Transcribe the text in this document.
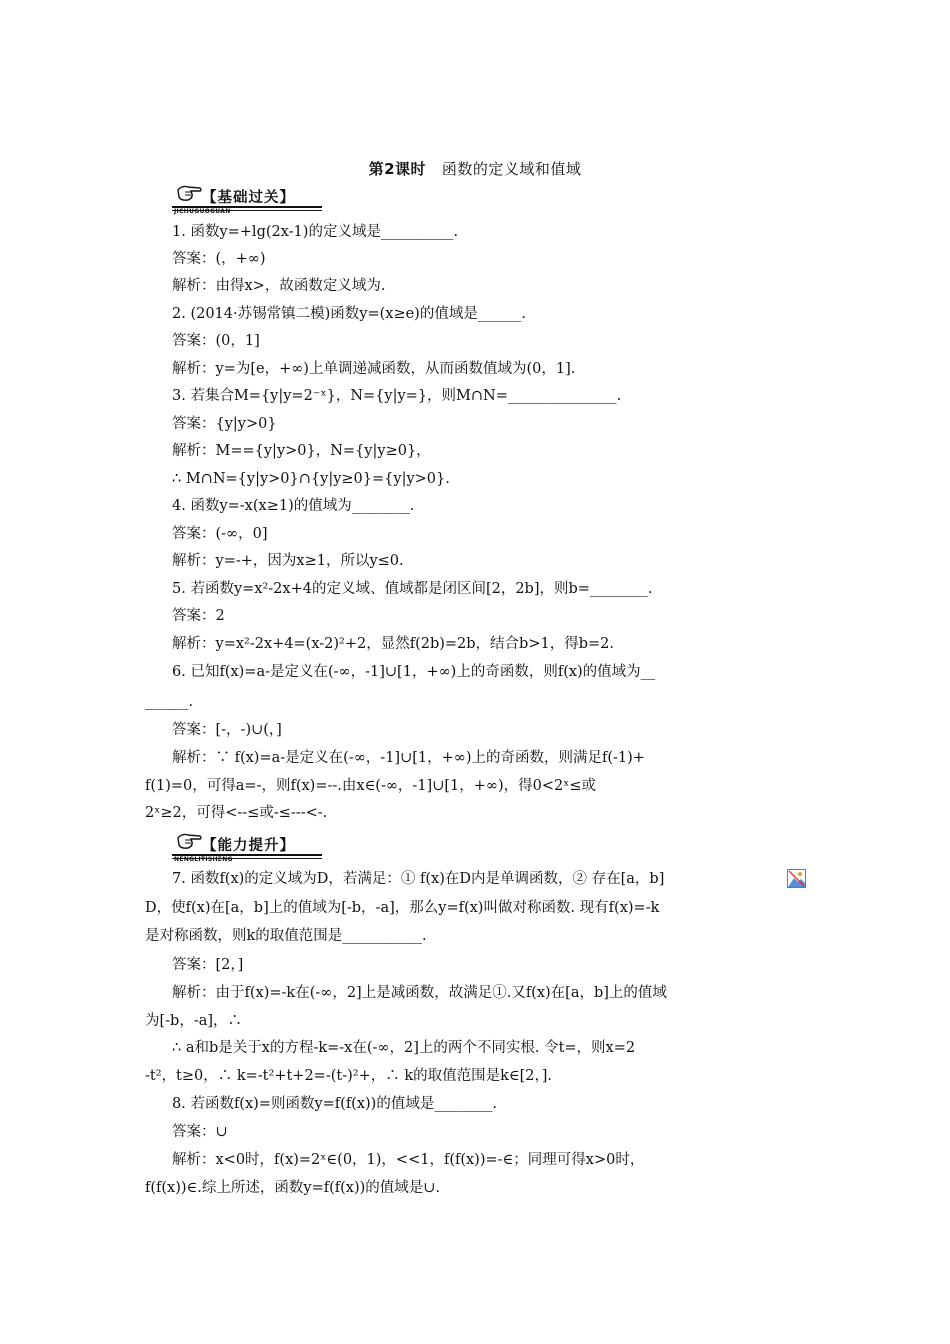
第2课时 函数的定义域和值域
【基础过关】
JICHUGUOGUAN
1. 函数y=+lg(2x-1)的定义域是__________.
答案：(，+∞)
解析：由得x>，故函数定义域为.
2. (2014·苏锡常镇二模)函数y=(x≥e)的值域是______.
答案：(0，1]
解析：y=为[e，+∞)上单调递减函数，从而函数值域为(0，1].
3. 若集合M={y|y=2⁻ˣ}，N={y|y=}，则M∩N=_______________.
答案：{y|y>0}
解析：M=={y|y>0}，N={y|y≥0}，
∴ M∩N={y|y>0}∩{y|y≥0}={y|y>0}.
4. 函数y=-x(x≥1)的值域为________.
答案：(-∞，0]
解析：y=-+，因为x≥1，所以y≤0.
5. 若函数y=x²-2x+4的定义域、值域都是闭区间[2，2b]，则b=________.
答案：2
解析：y=x²-2x+4=(x-2)²+2，显然f(2b)=2b，结合b>1，得b=2.
6. 已知f(x)=a-是定义在(-∞，-1]∪[1，+∞)上的奇函数，则f(x)的值域为__
______.
答案：[-，-)∪(，]
解析：∵ f(x)=a-是定义在(-∞，-1]∪[1，+∞)上的奇函数，则满足f(-1)+
f(1)=0，可得a=-，则f(x)=--.由x∈(-∞，-1]∪[1，+∞)，得0<2ˣ≤或
2ˣ≥2，可得<--≤或-≤---<-.
【能力提升】
NENGLITISHENG
7. 函数f(x)的定义域为D，若满足：① f(x)在D内是单调函数，② 存在[a，b]
D，使f(x)在[a，b]上的值域为[-b，-a]，那么y=f(x)叫做对称函数. 现有f(x)=-k
是对称函数，则k的取值范围是___________.
答案：[2，]
解析：由于f(x)=-k在(-∞，2]上是减函数，故满足①.又f(x)在[a，b]上的值域
为[-b，-a]，∴
∴ a和b是关于x的方程-k=-x在(-∞，2]上的两个不同实根. 令t=，则x=2
-t²，t≥0，∴ k=-t²+t+2=-(t-)²+，∴ k的取值范围是k∈[2，].
8. 若函数f(x)=则函数y=f(f(x))的值域是________.
答案：∪
解析：x<0时，f(x)=2ˣ∈(0，1)，<<1，f(f(x))=-∈；同理可得x>0时，
f(f(x))∈.综上所述，函数y=f(f(x))的值域是∪.
